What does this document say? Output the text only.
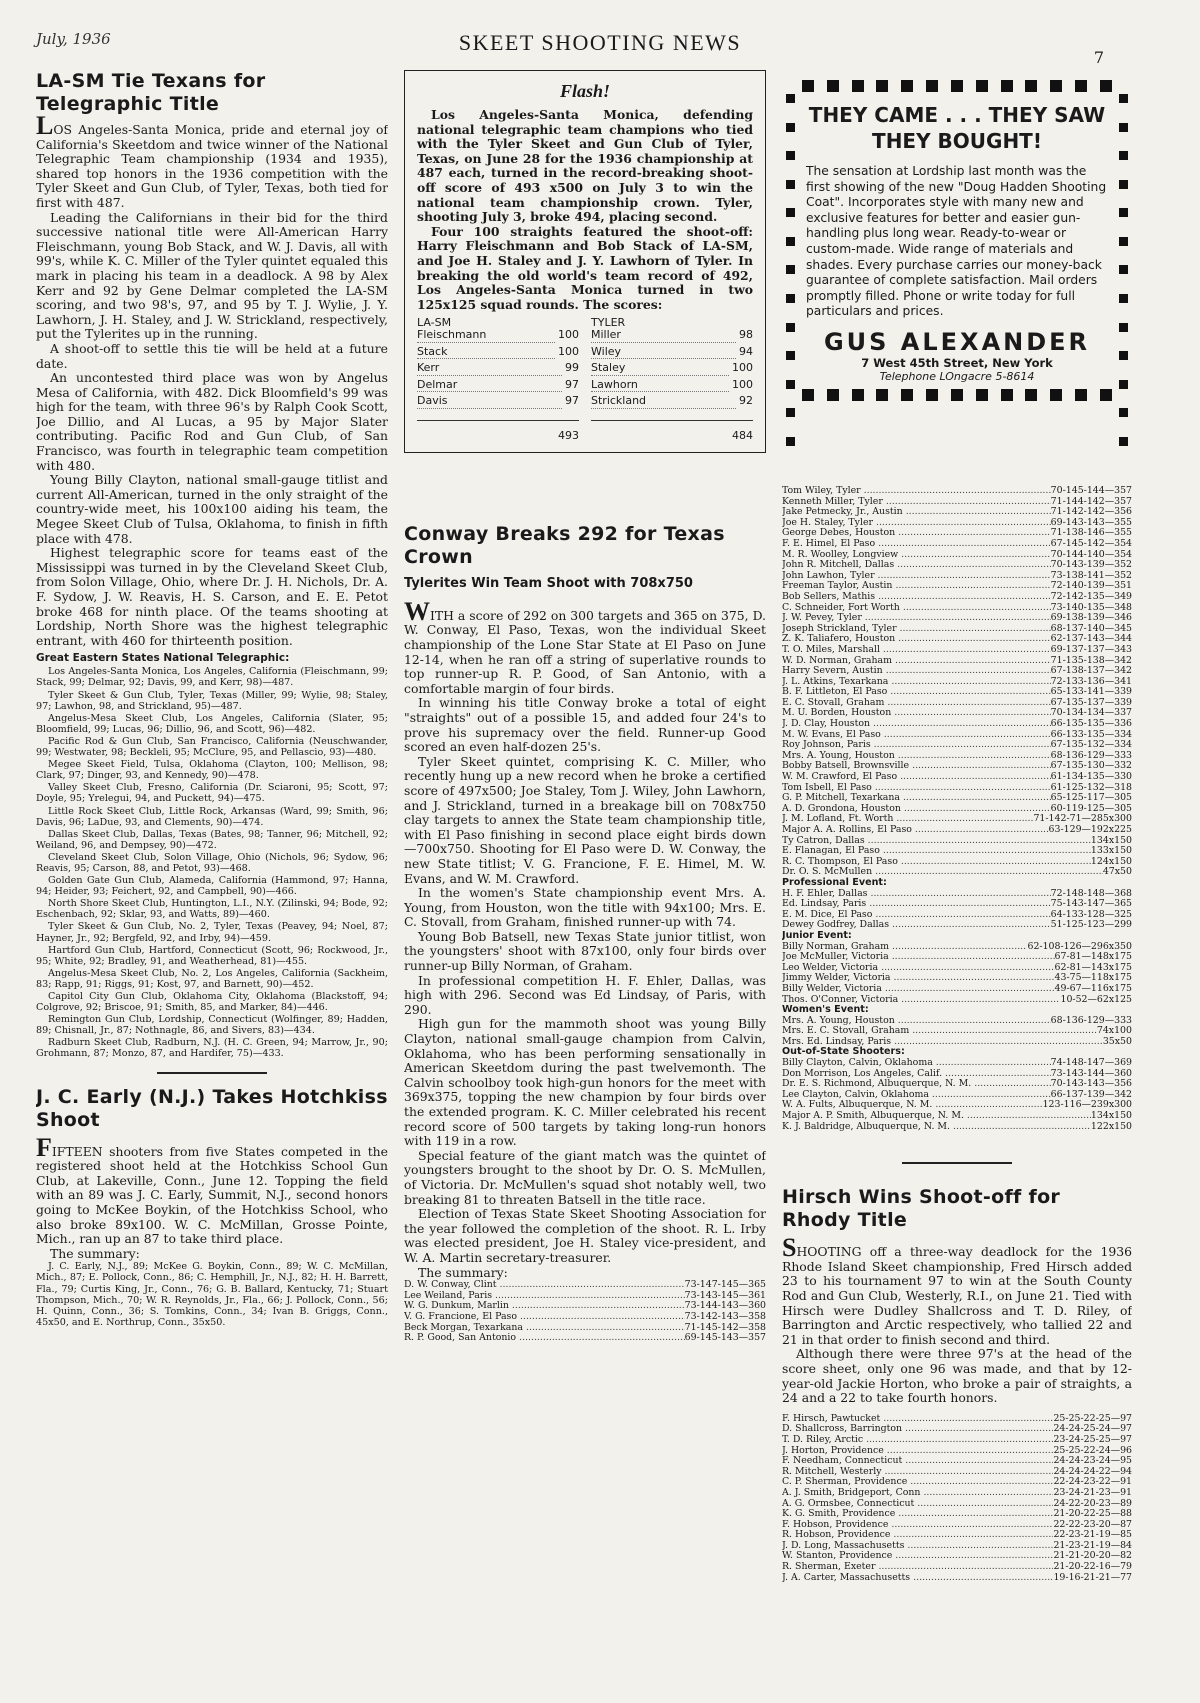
July, 1936	SKEET SHOOTING NEWS
7
LA-SM Tie Texans for Telegraphic Title

LOS Angeles-Santa Monica, pride and eternal joy of California's Skeetdom and twice winner of the National Telegraphic Team championship (1934 and 1935), shared top honors in the 1936 competition with the Tyler Skeet and Gun Club, of Tyler, Texas, both tied for first with 487.

Leading the Californians in their bid for the third successive national title were All-American Harry Fleischmann, young Bob Stack, and W. J. Davis, all with 99's, while K. C. Miller of the Tyler quintet equaled this mark in placing his team in a deadlock. A 98 by Alex Kerr and 92 by Gene Delmar completed the LA-SM scoring, and two 98's, 97, and 95 by T. J. Wylie, J. Y. Lawhorn, J. H. Staley, and J. W. Strickland, respectively, put the Tylerites up in the running.

A shoot-off to settle this tie will be held at a future date.

An uncontested third place was won by Angelus Mesa of California, with 482. Dick Bloomfield's 99 was high for the team, with three 96's by Ralph Cook Scott, Joe Dillio, and Al Lucas, a 95 by Major Slater contributing. Pacific Rod and Gun Club, of San Francisco, was fourth in telegraphic team competition with 480.

Young Billy Clayton, national small-gauge titlist and current All-American, turned in the only straight of the country-wide meet, his 100x100 aiding his team, the Megee Skeet Club of Tulsa, Oklahoma, to finish in fifth place with 478.

Highest telegraphic score for teams east of the Mississippi was turned in by the Cleveland Skeet Club, from Solon Village, Ohio, where Dr. J. H. Nichols, Dr. A. F. Sydow, J. W. Reavis, H. S. Carson, and E. E. Petot broke 468 for ninth place. Of the teams shooting at Lordship, North Shore was the highest telegraphic entrant, with 460 for thirteenth position.

Great Eastern States National Telegraphic:
Los Angeles-Santa Monica, Los Angeles, California (Fleischmann, 99; Stack, 99; Delmar, 92; Davis, 99, and Kerr, 98)—487.
Tyler Skeet & Gun Club, Tyler, Texas (Miller, 99; Wylie, 98; Staley, 97; Lawhon, 98, and Strickland, 95)—487.
Angelus-Mesa Skeet Club, Los Angeles, California (Slater, 95; Bloomfield, 99; Lucas, 96; Dillio, 96, and Scott, 96)—482.
Pacific Rod & Gun Club, San Francisco, California (Neuschwander, 99; Westwater, 98; Beckleli, 95; McClure, 95, and Pellascio, 93)—480.
Megee Skeet Field, Tulsa, Oklahoma (Clayton, 100; Mellison, 98; Clark, 97; Dinger, 93, and Kennedy, 90)—478.
Valley Skeet Club, Fresno, California (Dr. Sciaroni, 95; Scott, 97; Doyle, 95; Yrelegui, 94, and Puckett, 94)—475.
Little Rock Skeet Club, Little Rock, Arkansas (Ward, 99; Smith, 96; Davis, 96; LaDue, 93, and Clements, 90)—474.
Dallas Skeet Club, Dallas, Texas (Bates, 98; Tanner, 96; Mitchell, 92; Weiland, 96, and Dempsey, 90)—472.
Cleveland Skeet Club, Solon Village, Ohio (Nichols, 96; Sydow, 96; Reavis, 95; Carson, 88, and Petot, 93)—468.
Golden Gate Gun Club, Alameda, California (Hammond, 97; Hanna, 94; Heider, 93; Feichert, 92, and Campbell, 90)—466.
North Shore Skeet Club, Huntington, L.I., N.Y. (Zilinski, 94; Bode, 92; Eschenbach, 92; Sklar, 93, and Watts, 89)—460.
Tyler Skeet & Gun Club, No. 2, Tyler, Texas (Peavey, 94; Noel, 87; Hayner, Jr., 92; Bergfeld, 92, and Irby, 94)—459.
Hartford Gun Club, Hartford, Connecticut (Scott, 96; Rockwood, Jr., 95; White, 92; Bradley, 91, and Weatherhead, 81)—455.
Angelus-Mesa Skeet Club, No. 2, Los Angeles, California (Sackheim, 83; Rapp, 91; Riggs, 91; Kost, 97, and Barnett, 90)—452.
Capitol City Gun Club, Oklahoma City, Oklahoma (Blackstoff, 94; Colgrove, 92; Briscoe, 91; Smith, 85, and Marker, 84)—446.
Remington Gun Club, Lordship, Connecticut (Wolfinger, 89; Hadden, 89; Chisnall, Jr., 87; Nothnagle, 86, and Sivers, 83)—434.
Radburn Skeet Club, Radburn, N.J. (H. C. Green, 94; Marrow, Jr., 90; Grohmann, 87; Monzo, 87, and Hardifer, 75)—433.
J. C. Early (N.J.) Takes Hotchkiss Shoot

FIFTEEN shooters from five States competed in the registered shoot held at the Hotchkiss School Gun Club, at Lakeville, Conn., June 12. Topping the field with an 89 was J. C. Early, Summit, N.J., second honors going to McKee Boykin, of the Hotchkiss School, who also broke 89x100. W. C. McMillan, Grosse Pointe, Mich., ran up an 87 to take third place.

The summary:

J. C. Early, N.J., 89; McKee G. Boykin, Conn., 89; W. C. McMillan, Mich., 87; E. Pollock, Conn., 86; C. Hemphill, Jr., N.J., 82; H. H. Barrett, Fla., 79; Curtis King, Jr., Conn., 76; G. B. Ballard, Kentucky, 71; Stuart Thompson, Mich., 70; W. R. Reynolds, Jr., Fla., 66; J. Pollock, Conn., 56; H. Quinn, Conn., 36; S. Tomkins, Conn., 34; Ivan B. Griggs, Conn., 45x50, and E. Northrup, Conn., 35x50.
Flash!

Los Angeles-Santa Monica, defending national telegraphic team champions who tied with the Tyler Skeet and Gun Club of Tyler, Texas, on June 28 for the 1936 championship at 487 each, turned in the record-breaking shoot-off score of 493 x500 on July 3 to win the national team championship crown. Tyler, shooting July 3, broke 494, placing second.

Four 100 straights featured the shoot-off: Harry Fleischmann and Bob Stack of LA-SM, and Joe H. Staley and J. Y. Lawhorn of Tyler. In breaking the old world's team record of 492, Los Angeles-Santa Monica turned in two 125x125 squad rounds. The scores:

LA-SM
Fleischmann	100
Stack	100
Kerr	99
Delmar	97
Davis	97
493
TYLER
Miller	98
Wiley	94
Staley	100
Lawhorn	100
Strickland	92
484
Conway Breaks 292 for Texas Crown
Tylerites Win Team Shoot with 708x750

WITH a score of 292 on 300 targets and 365 on 375, D. W. Conway, El Paso, Texas, won the individual Skeet championship of the Lone Star State at El Paso on June 12-14, when he ran off a string of superlative rounds to top runner-up R. P. Good, of San Antonio, with a comfortable margin of four birds.

In winning his title Conway broke a total of eight "straights" out of a possible 15, and added four 24's to prove his supremacy over the field. Runner-up Good scored an even half-dozen 25's.

Tyler Skeet quintet, comprising K. C. Miller, who recently hung up a new record when he broke a certified score of 497x500; Joe Staley, Tom J. Wiley, John Lawhorn, and J. Strickland, turned in a breakage bill on 708x750 clay targets to annex the State team championship title, with El Paso finishing in second place eight birds down —700x750. Shooting for El Paso were D. W. Conway, the new State titlist; V. G. Francione, F. E. Himel, M. W. Evans, and W. M. Crawford.

In the women's State championship event Mrs. A. Young, from Houston, won the title with 94x100; Mrs. E. C. Stovall, from Graham, finished runner-up with 74.

Young Bob Batsell, new Texas State junior titlist, won the youngsters' shoot with 87x100, only four birds over runner-up Billy Norman, of Graham.

In professional competition H. F. Ehler, Dallas, was high with 296. Second was Ed Lindsay, of Paris, with 290.

High gun for the mammoth shoot was young Billy Clayton, national small-gauge champion from Calvin, Oklahoma, who has been performing sensationally in American Skeetdom during the past twelvemonth. The Calvin schoolboy took high-gun honors for the meet with 369x375, topping the new champion by four birds over the extended program. K. C. Miller celebrated his recent record score of 500 targets by taking long-run honors with 119 in a row.

Special feature of the giant match was the quintet of youngsters brought to the shoot by Dr. O. S. McMullen, of Victoria. Dr. McMullen's squad shot notably well, two breaking 81 to threaten Batsell in the title race.

Election of Texas State Skeet Shooting Association for the year followed the completion of the shoot. R. L. Irby was elected president, Joe H. Staley vice-president, and W. A. Martin secretary-treasurer.

The summary:

D. W. Conway, Clint .....	73-147-145—365
Lee Weiland, Paris .....	73-143-145—361
W. G. Dunkum, Marlin .....	73-144-143—360
V. G. Francione, El Paso .....	73-142-143—358
Beck Morgan, Texarkana .....	71-145-142—358
R. P. Good, San Antonio .....	69-145-143—357
THEY CAME . . . THEY SAW
THEY BOUGHT!
The sensation at Lordship last month was the first showing of the new "Doug Hadden Shooting Coat". Incorporates style with many new and exclusive features for better and easier gun-handling plus long wear. Ready-to-wear or custom-made. Wide range of materials and shades. Every purchase carries our money-back guarantee of complete satisfaction. Mail orders promptly filled. Phone or write today for full particulars and prices.
GUS ALEXANDER
7 West 45th Street, New York
Telephone LOngacre 5-8614
Tom Wiley, Tyler .....	70-145-144—357
Kenneth Miller, Tyler .....	71-144-142—357
Jake Petmecky, Jr., Austin .....	71-142-142—356
Joe H. Staley, Tyler .....	69-143-143—355
George Debes, Houston .....	71-138-146—355
F. E. Himel, El Paso .....	67-145-142—354
M. R. Woolley, Longview .....	70-144-140—354
John R. Mitchell, Dallas .....	70-143-139—352
John Lawhon, Tyler .....	73-138-141—352
Freeman Taylor, Austin .....	72-140-139—351
Bob Sellers, Mathis .....	72-142-135—349
C. Schneider, Fort Worth .....	73-140-135—348
J. W. Pevey, Tyler .....	69-138-139—346
Joseph Strickland, Tyler .....	68-137-140—345
Z. K. Taliafero, Houston .....	62-137-143—344
T. O. Miles, Marshall .....	69-137-137—343
W. D. Norman, Graham .....	71-135-138—342
Harry Severn, Austin .....	67-138-137—342
J. L. Atkins, Texarkana .....	72-133-136—341
B. F. Littleton, El Paso .....	65-133-141—339
E. C. Stovall, Graham .....	67-135-137—339
M. U. Borden, Houston .....	70-134-134—337
J. D. Clay, Houston .....	66-135-135—336
M. W. Evans, El Paso .....	66-133-135—334
Roy Johnson, Paris .....	67-135-132—334
Mrs. A. Young, Houston .....	68-136-129—333
Bobby Batsell, Brownsville .....	67-135-130—332
W. M. Crawford, El Paso .....	61-134-135—330
Tom Isbell, El Paso .....	61-125-132—318
G. P. Mitchell, Texarkana .....	65-125-117—305
A. D. Grondona, Houston .....	60-119-125—305
J. M. Lofland, Ft. Worth .....	71-142-71—285x300
Major A. A. Rollins, El Paso .....	63-129—192x225
Ty Catron, Dallas .....	134x150
E. Flanagan, El Paso .....	133x150
R. C. Thompson, El Paso .....	124x150
Dr. O. S. McMullen .....	47x50
Professional Event:
H. F. Ehler, Dallas .....	72-148-148—368
Ed. Lindsay, Paris .....	75-143-147—365
E. M. Dice, El Paso .....	64-133-128—325
Dewey Godfrey, Dallas .....	51-125-123—299
Junior Event:
Billy Norman, Graham .....	62-108-126—296x350
Joe McMuller, Victoria .....	67-81—148x175
Leo Welder, Victoria .....	62-81—143x175
Jimmy Welder, Victoria .....	43-75—118x175
Billy Welder, Victoria .....	49-67—116x175
Thos. O'Conner, Victoria .....	10-52—62x125
Women's Event:
Mrs. A. Young, Houston .....	68-136-129—333
Mrs. E. C. Stovall, Graham .....	74x100
Mrs. Ed. Lindsay, Paris .....	35x50
Out-of-State Shooters:
Billy Clayton, Calvin, Oklahoma .....	74-148-147—369
Don Morrison, Los Angeles, Calif. .....	73-143-144—360
Dr. E. S. Richmond, Albuquerque, N. M. .....	70-143-143—356
Lee Clayton, Calvin, Oklahoma .....	66-137-139—342
W. A. Fults, Albuquerque, N. M. .....	123-116—239x300
Major A. P. Smith, Albuquerque, N. M. .....	134x150
K. J. Baldridge, Albuquerque, N. M. .....	122x150
Hirsch Wins Shoot-off for Rhody Title

SHOOTING off a three-way deadlock for the 1936 Rhode Island Skeet championship, Fred Hirsch added 23 to his tournament 97 to win at the South County Rod and Gun Club, Westerly, R.I., on June 21. Tied with Hirsch were Dudley Shallcross and T. D. Riley, of Barrington and Arctic respectively, who tallied 22 and 21 in that order to finish second and third.

Although there were three 97's at the head of the score sheet, only one 96 was made, and that by 12-year-old Jackie Horton, who broke a pair of straights, a 24 and a 22 to take fourth honors.

F. Hirsch, Pawtucket .....	25-25-22-25—97
D. Shallcross, Barrington .....	24-24-25-24—97
T. D. Riley, Arctic .....	23-24-25-25—97
J. Horton, Providence .....	25-25-22-24—96
F. Needham, Connecticut .....	24-24-23-24—95
R. Mitchell, Westerly .....	24-24-24-22—94
C. P. Sherman, Providence .....	22-24-23-22—91
A. J. Smith, Bridgeport, Conn .....	23-24-21-23—91
A. G. Ormsbee, Connecticut .....	24-22-20-23—89
K. G. Smith, Providence .....	21-20-22-25—88
F. Hobson, Providence .....	22-22-23-20—87
R. Hobson, Providence .....	22-23-21-19—85
J. D. Long, Massachusetts .....	21-23-21-19—84
W. Stanton, Providence .....	21-21-20-20—82
R. Sherman, Exeter .....	21-20-22-16—79
J. A. Carter, Massachusetts .....	19-16-21-21—77
